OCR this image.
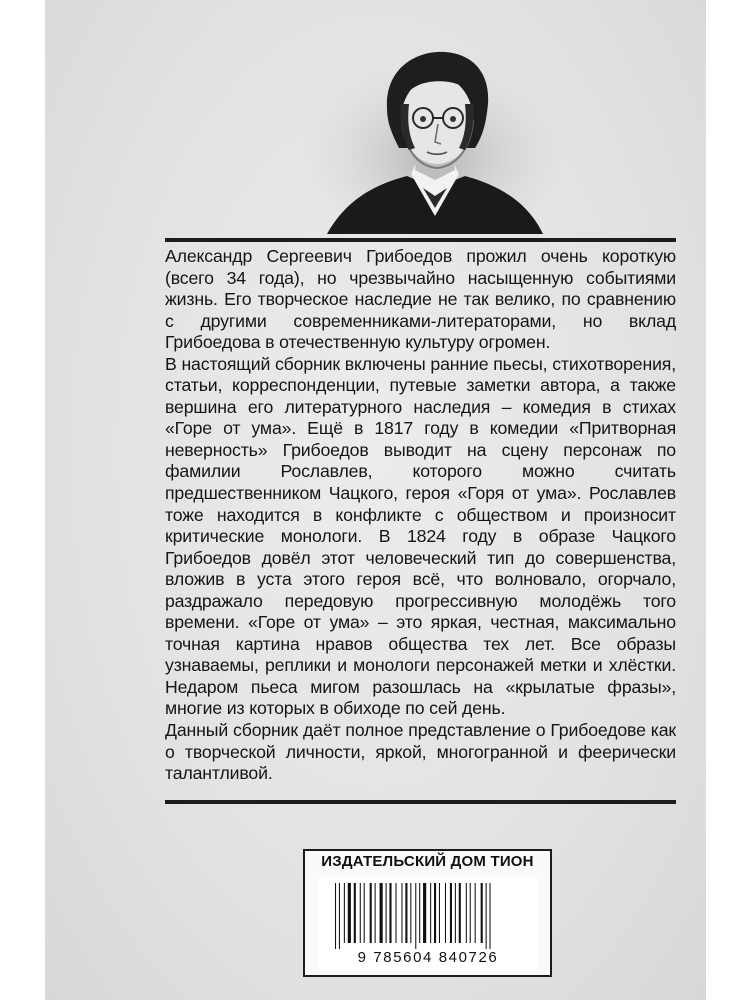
Александр Сергеевич Грибоедов прожил очень короткую (всего 34 года), но чрезвычайно насыщенную событиями жизнь. Его творческое наследие не так велико, по сравнению с другими современниками-литераторами, но вклад Грибоедова в отечественную культуру огромен.

В настоящий сборник включены ранние пьесы, стихотворения, статьи, корреспонденции, путевые заметки автора, а также вершина его литературного наследия – комедия в стихах «Горе от ума». Ещё в 1817 году в комедии «Притворная неверность» Грибоедов выводит на сцену персонаж по фамилии Рославлев, которого можно считать предшественником Чацкого, героя «Горя от ума». Рославлев тоже находится в конфликте с обществом и произносит критические монологи. В 1824 году в образе Чацкого Грибоедов довёл этот человеческий тип до совершенства, вложив в уста этого героя всё, что волновало, огорчало, раздражало передовую прогрессивную молодёжь того времени. «Горе от ума» – это яркая, честная, максимально точная картина нравов общества тех лет. Все образы узнаваемы, реплики и монологи персонажей метки и хлёстки. Недаром пьеса мигом разошлась на «крылатые фразы», многие из которых в обиходе по сей день.

Данный сборник даёт полное представление о Грибоедове как о творческой личности, яркой, многогранной и феерически талантливой.

ИЗДАТЕЛЬСКИЙ ДОМ ТИОН
9 785604 840726
